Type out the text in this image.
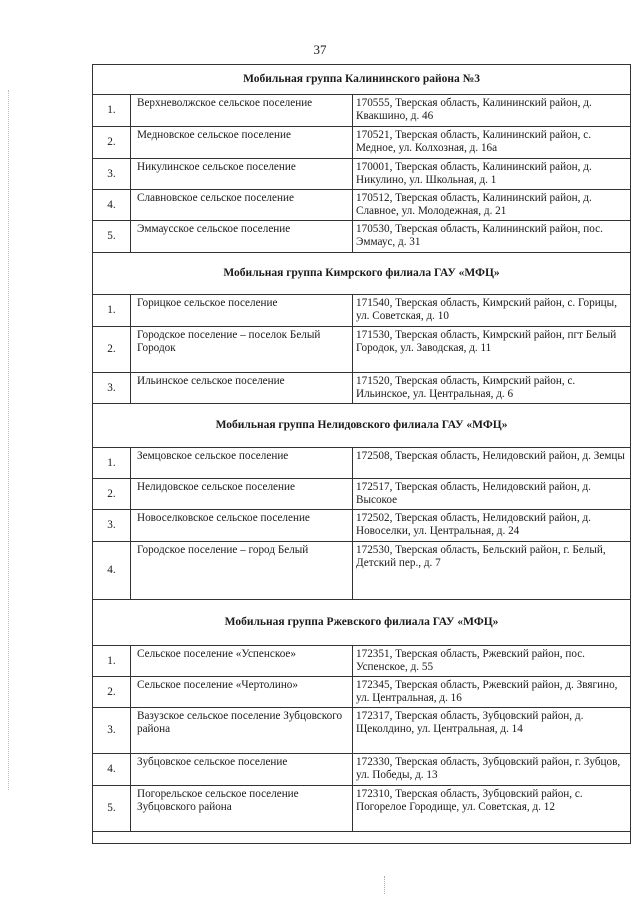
37
Мобильная группа Калининского района №3		
1.	Верхневолжское сельское поселение	170555, Тверская область, Калининский район, д. Квакшино, д. 46
2.	Медновское сельское поселение	170521, Тверская область, Калининский район, с. Медное, ул. Колхозная, д. 16а
3.	Никулинское сельское поселение	170001, Тверская область, Калининский район, д. Никулино, ул. Школьная, д. 1
4.	Славновское сельское поселение	170512, Тверская область, Калининский район, д. Славное, ул. Молодежная, д. 21
5.	Эммаусское сельское поселение	170530, Тверская область, Калининский район, пос. Эммаус, д. 31
Мобильная группа Кимрского филиала ГАУ «МФЦ»		
1.	Горицкое сельское поселение	171540, Тверская область, Кимрский район, с. Горицы, ул. Советская, д. 10
2.	Городское поселение – поселок Белый Городок	171530, Тверская область, Кимрский район, пгт Белый Городок, ул. Заводская, д. 11
3.	Ильинское сельское поселение	171520, Тверская область, Кимрский район, с. Ильинское, ул. Центральная, д. 6
Мобильная группа Нелидовского филиала ГАУ «МФЦ»		
1.	Земцовское сельское поселение	172508, Тверская область, Нелидовский район, д. Земцы
2.	Нелидовское сельское поселение	172517, Тверская область, Нелидовский район, д. Высокое
3.	Новоселковское сельское поселение	172502, Тверская область, Нелидовский район, д. Новоселки, ул. Центральная, д. 24
4.	Городское поселение – город Белый	172530, Тверская область, Бельский район, г. Белый, Детский пер., д. 7
Мобильная группа Ржевского филиала ГАУ «МФЦ»		
1.	Сельское поселение «Успенское»	172351, Тверская область, Ржевский район, пос. Успенское, д. 55
2.	Сельское поселение «Чертолино»	172345, Тверская область, Ржевский район, д. Звягино, ул. Центральная, д. 16
3.	Вазузское сельское поселение Зубцовского района	172317, Тверская область, Зубцовский район, д. Щеколдино, ул. Центральная, д. 14
4.	Зубцовское сельское поселение	172330, Тверская область, Зубцовский район, г. Зубцов, ул. Победы, д. 13
5.	Погорельское сельское поселение Зубцовского района	172310, Тверская область, Зубцовский район, с. Погорелое Городище, ул. Советская, д. 12
